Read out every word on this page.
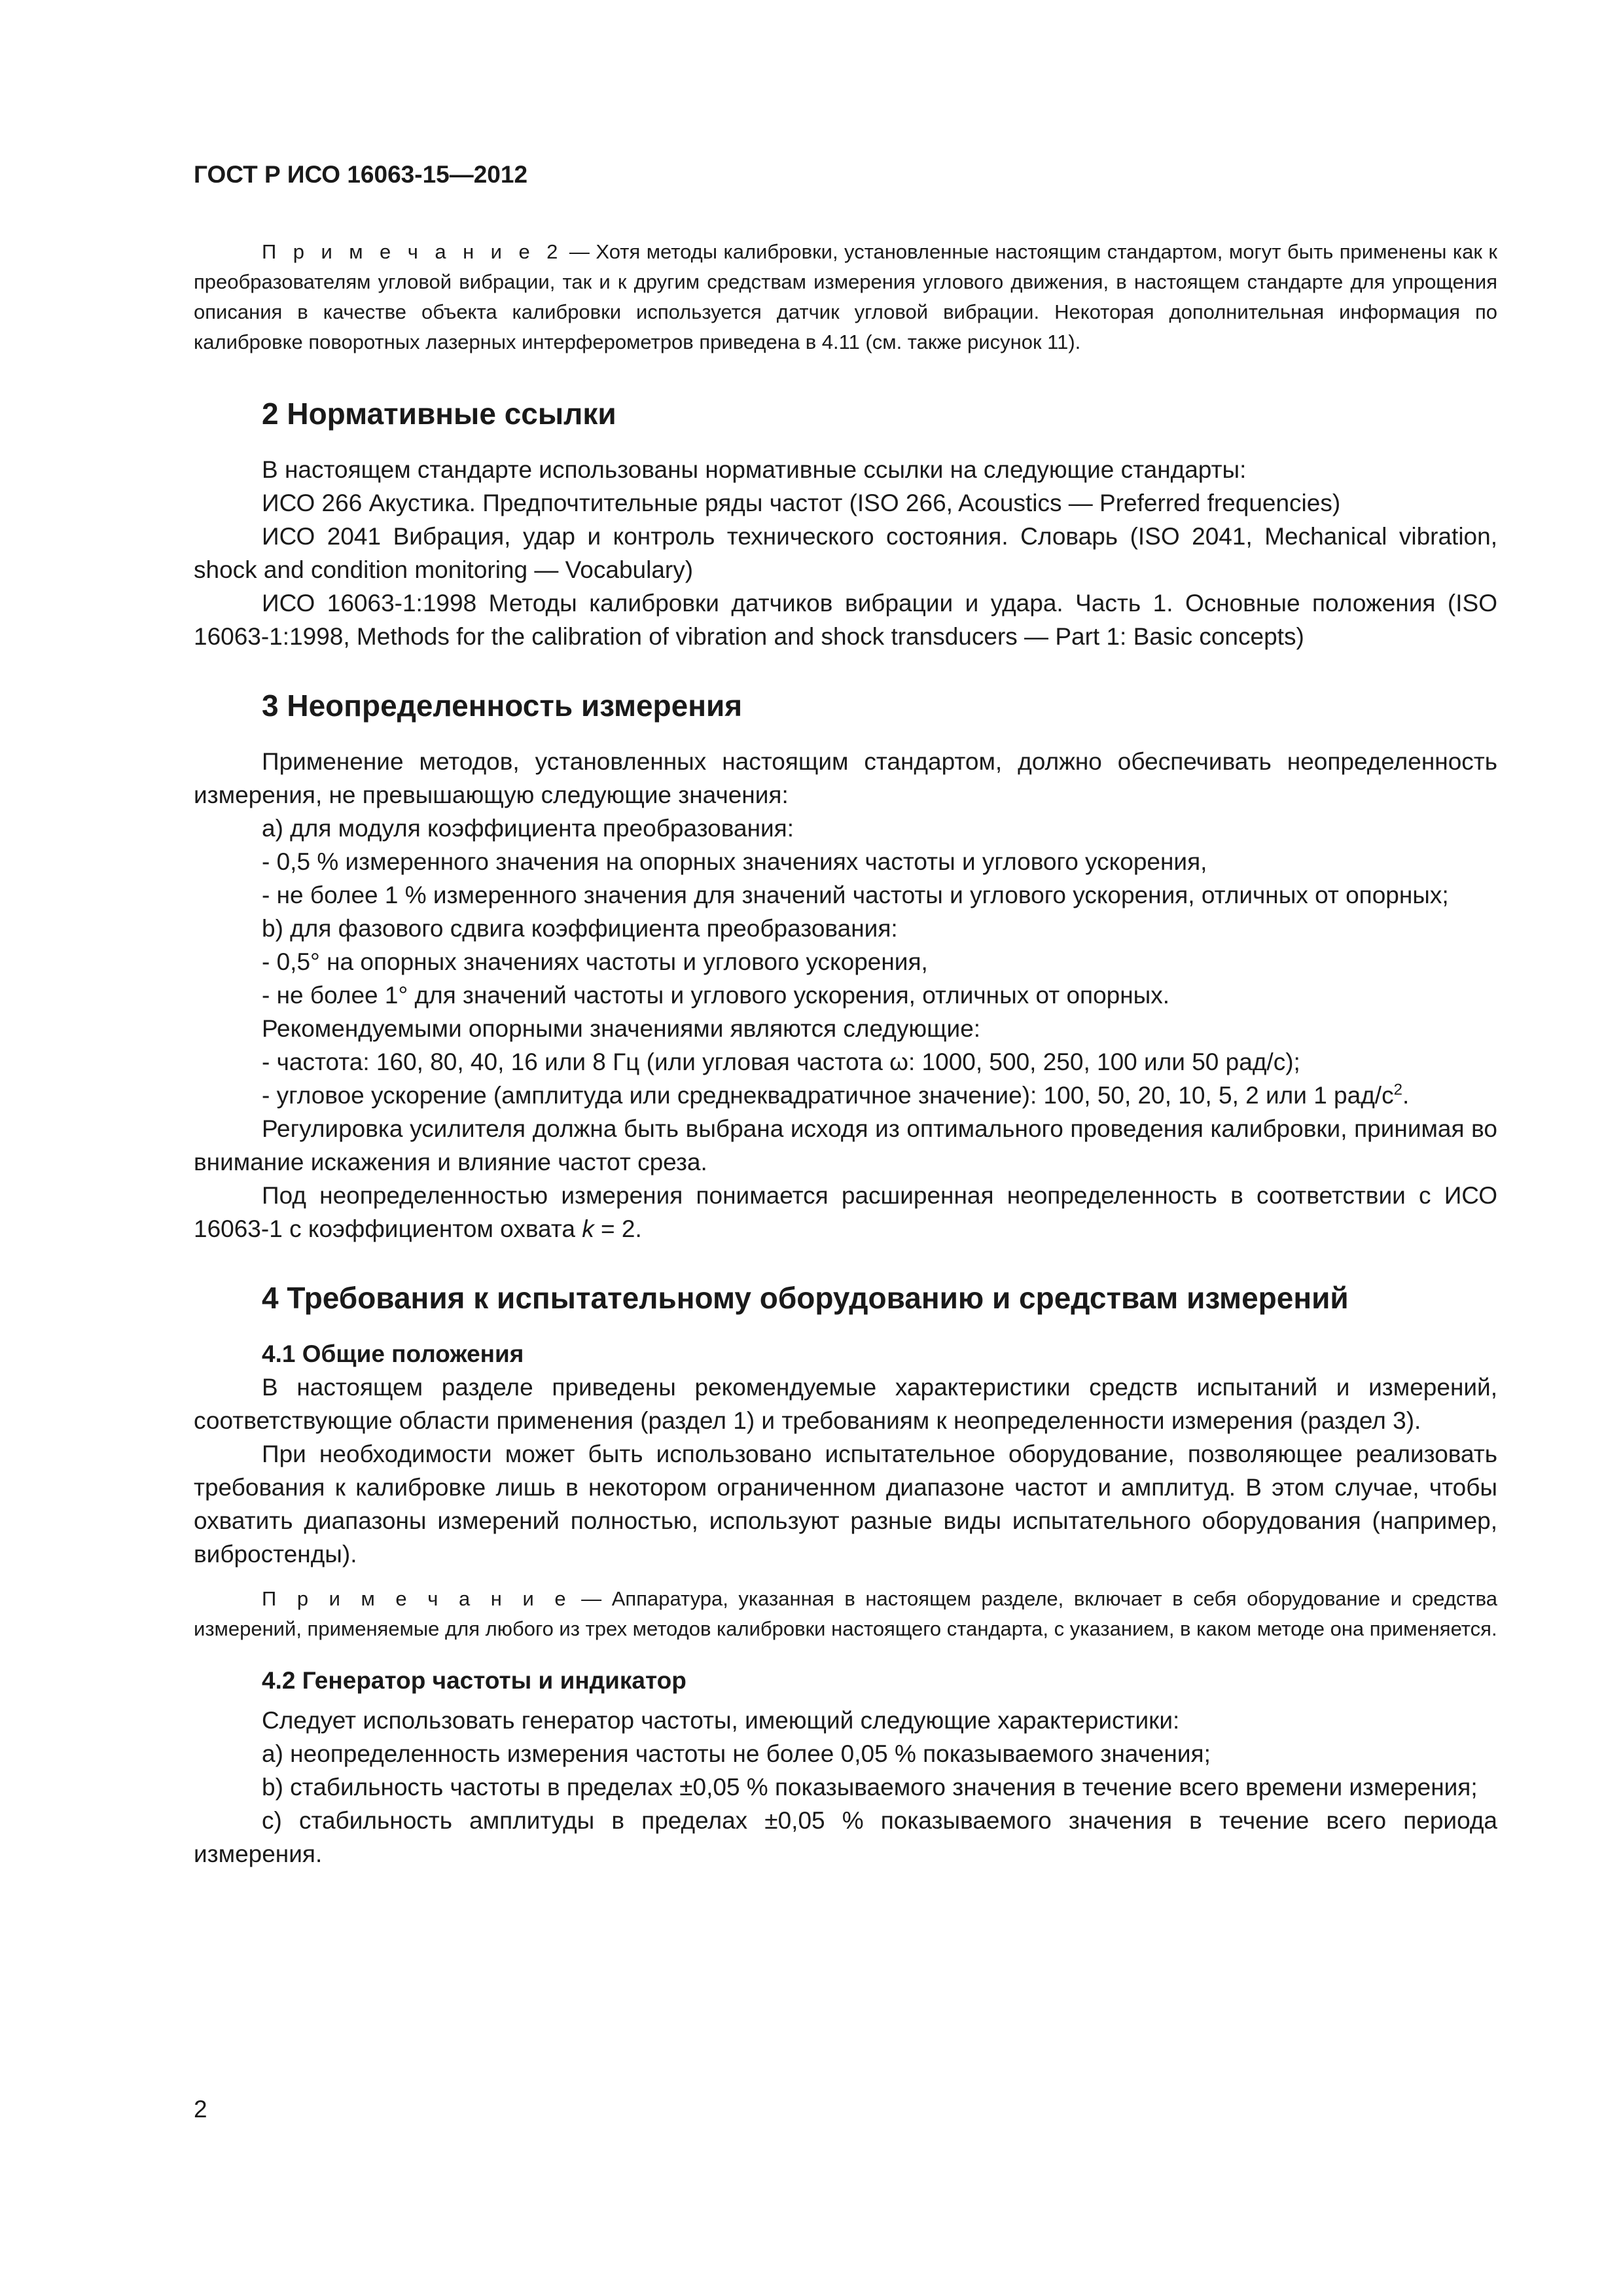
ГОСТ Р ИСО 16063-15—2012

П р и м е ч а н и е 2 — Хотя методы калибровки, установленные настоящим стандартом, могут быть применены как к преобразователям угловой вибрации, так и к другим средствам измерения углового движения, в настоящем стандарте для упрощения описания в качестве объекта калибровки используется датчик угловой вибрации. Некоторая дополнительная информация по калибровке поворотных лазерных интерферометров приведена в 4.11 (см. также рисунок 11).

2 Нормативные ссылки

В настоящем стандарте использованы нормативные ссылки на следующие стандарты:

ИСО 266 Акустика. Предпочтительные ряды частот (ISO 266, Acoustics — Preferred frequencies)

ИСО 2041 Вибрация, удар и контроль технического состояния. Словарь (ISO 2041, Mechanical vibration, shock and condition monitoring — Vocabulary)

ИСО 16063-1:1998 Методы калибровки датчиков вибрации и удара. Часть 1. Основные положения (ISO 16063-1:1998, Methods for the calibration of vibration and shock transducers — Part 1: Basic concepts)

3 Неопределенность измерения

Применение методов, установленных настоящим стандартом, должно обеспечивать неопределенность измерения, не превышающую следующие значения:

a) для модуля коэффициента преобразования:

- 0,5 % измеренного значения на опорных значениях частоты и углового ускорения,

- не более 1 % измеренного значения для значений частоты и углового ускорения, отличных от опорных;

b) для фазового сдвига коэффициента преобразования:

- 0,5° на опорных значениях частоты и углового ускорения,

- не более 1° для значений частоты и углового ускорения, отличных от опорных.

Рекомендуемыми опорными значениями являются следующие:

- частота: 160, 80, 40, 16 или 8 Гц (или угловая частота ω: 1000, 500, 250, 100 или 50 рад/с);

- угловое ускорение (амплитуда или среднеквадратичное значение): 100, 50, 20, 10, 5, 2 или 1 рад/$с^2$.

Регулировка усилителя должна быть выбрана исходя из оптимального проведения калибровки, принимая во внимание искажения и влияние частот среза.

Под неопределенностью измерения понимается расширенная неопределенность в соответствии с ИСО 16063-1 с коэффициентом охвата k = 2.

4 Требования к испытательному оборудованию и средствам измерений
4.1 Общие положения

В настоящем разделе приведены рекомендуемые характеристики средств испытаний и измерений, соответствующие области применения (раздел 1) и требованиям к неопределенности измерения (раздел 3).

При необходимости может быть использовано испытательное оборудование, позволяющее реализовать требования к калибровке лишь в некотором ограниченном диапазоне частот и амплитуд. В этом случае, чтобы охватить диапазоны измерений полностью, используют разные виды испытательного оборудования (например, вибростенды).

П р и м е ч а н и е — Аппаратура, указанная в настоящем разделе, включает в себя оборудование и средства измерений, применяемые для любого из трех методов калибровки настоящего стандарта, с указанием, в каком методе она применяется.

4.2 Генератор частоты и индикатор

Следует использовать генератор частоты, имеющий следующие характеристики:

a) неопределенность измерения частоты не более 0,05 % показываемого значения;

b) стабильность частоты в пределах ±0,05 % показываемого значения в течение всего времени измерения;

c) стабильность амплитуды в пределах ±0,05 % показываемого значения в течение всего периода измерения.

2
